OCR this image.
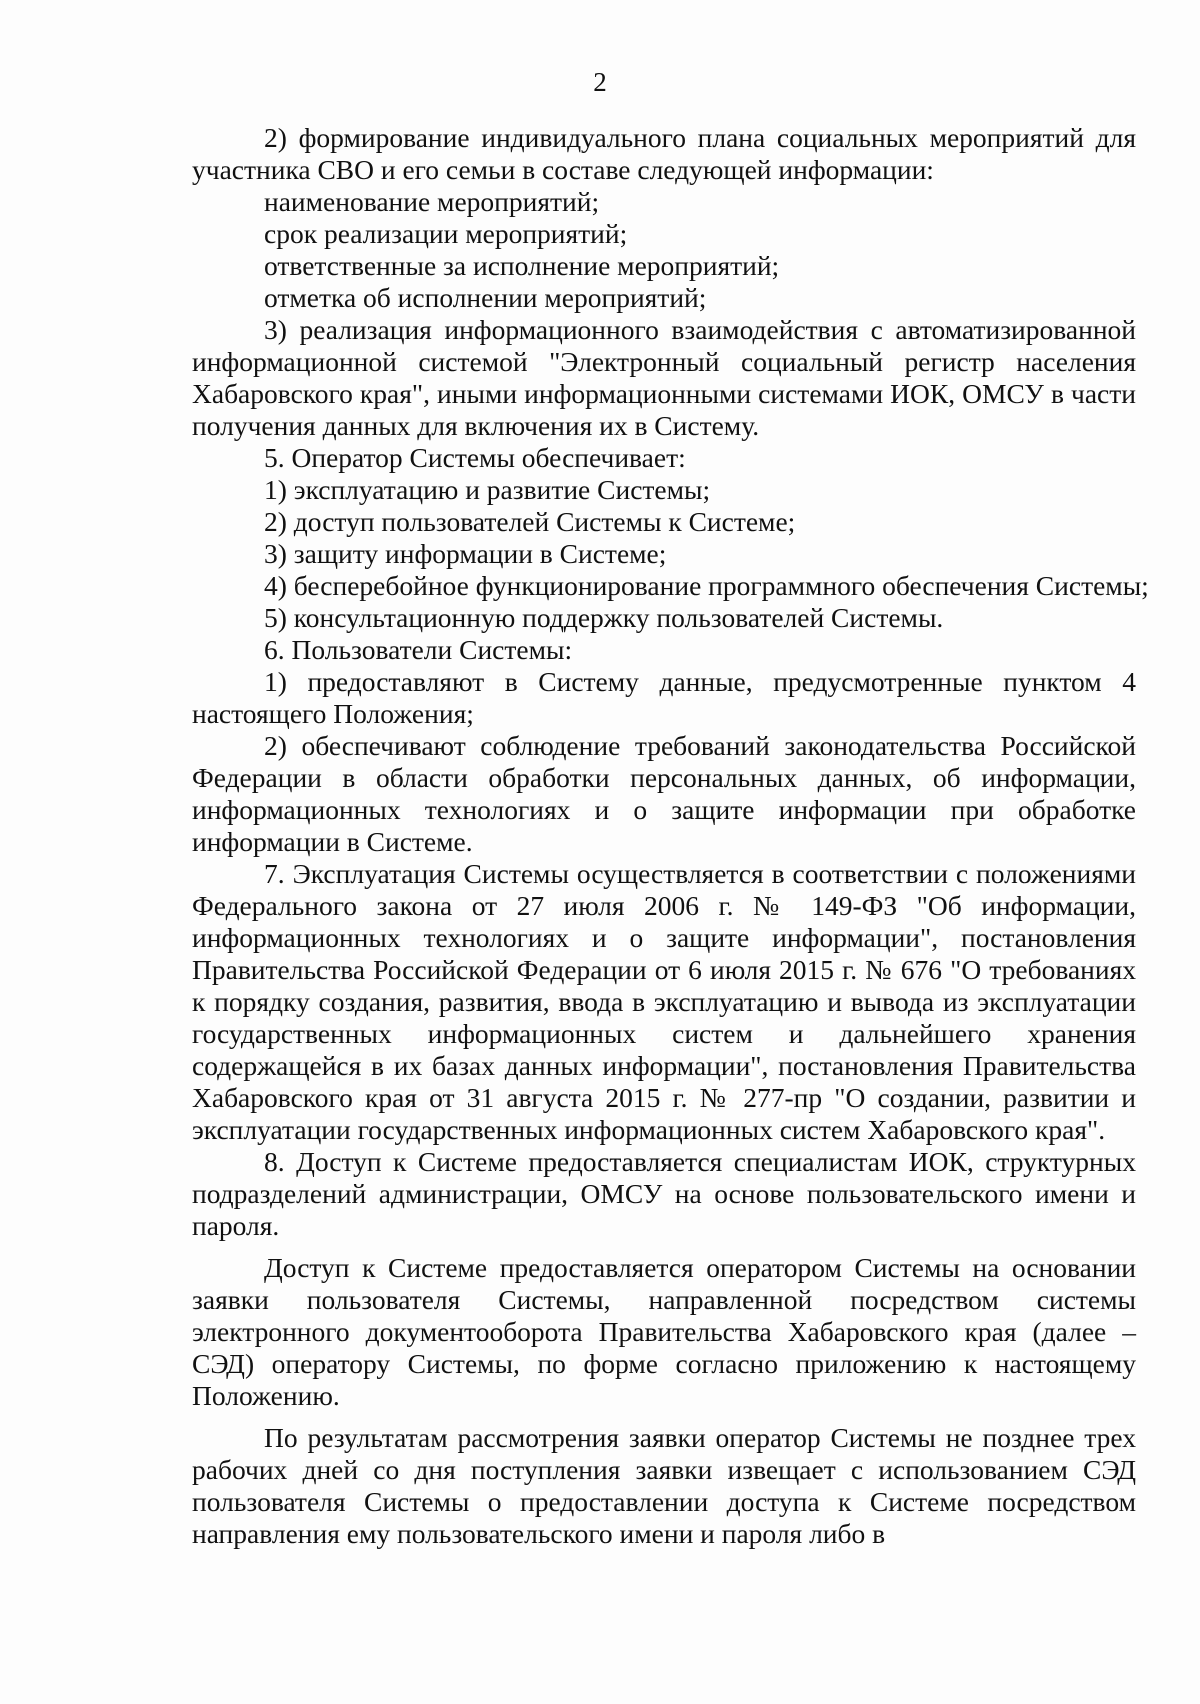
2

2) формирование индивидуального плана социальных мероприятий для участника СВО и его семьи в составе следующей информации:

наименование мероприятий;

срок реализации мероприятий;

ответственные за исполнение мероприятий;

отметка об исполнении мероприятий;

3) реализация информационного взаимодействия с автоматизированной информационной системой "Электронный социальный регистр населения Хабаровского края", иными информационными системами ИОК, ОМСУ в части получения данных для включения их в Систему.

5. Оператор Системы обеспечивает:

1) эксплуатацию и развитие Системы;

2) доступ пользователей Системы к Системе;

3) защиту информации в Системе;

4) бесперебойное функционирование программного обеспечения Системы;

5) консультационную поддержку пользователей Системы.

6. Пользователи Системы:

1) предоставляют в Систему данные, предусмотренные пунктом 4 настоящего Положения;

2) обеспечивают соблюдение требований законодательства Российской Федерации в области обработки персональных данных, об информации, информационных технологиях и о защите информации при обработке информации в Системе.

7. Эксплуатация Системы осуществляется в соответствии с положениями Федерального закона от 27 июля 2006 г. № 149-ФЗ "Об информации, информационных технологиях и о защите информации", постановления Правительства Российской Федерации от 6 июля 2015 г. № 676 "О требованиях к порядку создания, развития, ввода в эксплуатацию и вывода из эксплуатации государственных информационных систем и дальнейшего хранения содержащейся в их базах данных информации", постановления Правительства Хабаровского края от 31 августа 2015 г. № 277-пр "О создании, развитии и эксплуатации государственных информационных систем Хабаровского края".

8. Доступ к Системе предоставляется специалистам ИОК, структурных подразделений администрации, ОМСУ на основе пользовательского имени и пароля.

Доступ к Системе предоставляется оператором Системы на основании заявки пользователя Системы, направленной посредством системы электронного документооборота Правительства Хабаровского края (далее – СЭД) оператору Системы, по форме согласно приложению к настоящему Положению.

По результатам рассмотрения заявки оператор Системы не позднее трех рабочих дней со дня поступления заявки извещает с использованием СЭД пользователя Системы о предоставлении доступа к Системе посредством направления ему пользовательского имени и пароля либо в
